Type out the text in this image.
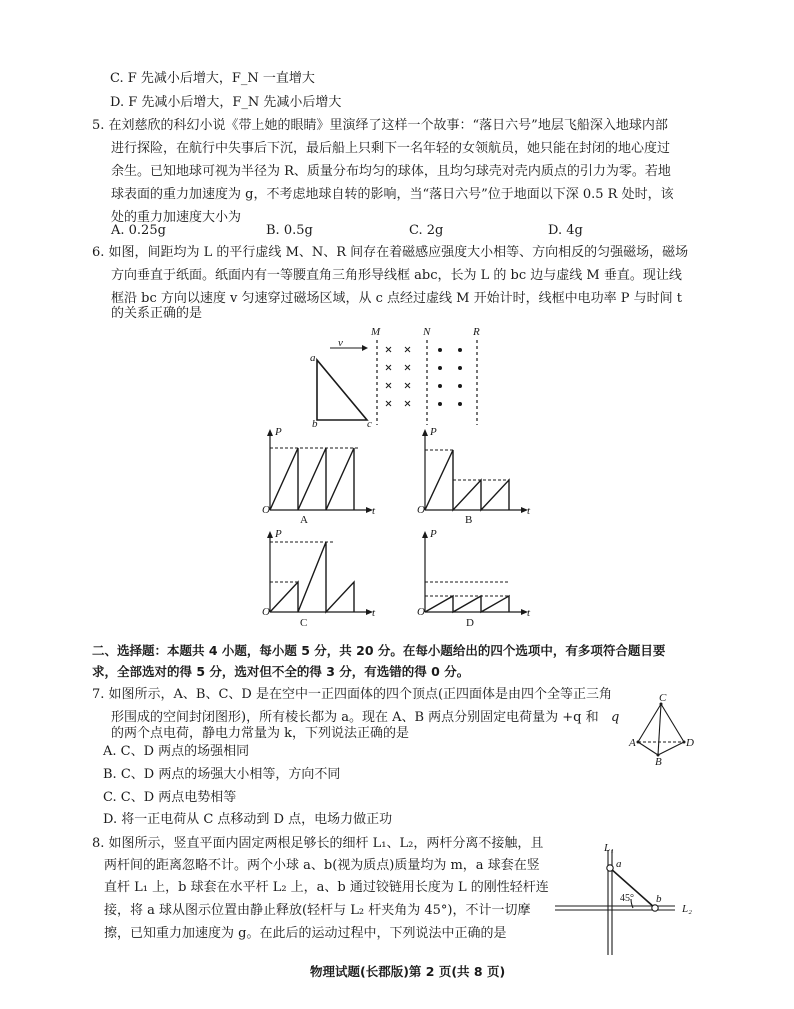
C. F 先减小后增大，F_N 一直增大
D. F 先减小后增大，F_N 先减小后增大
5. 在刘慈欣的科幻小说《带上她的眼睛》里演绎了这样一个故事：“落日六号”地层飞船深入地球内部
进行探险，在航行中失事后下沉，最后船上只剩下一名年轻的女领航员，她只能在封闭的地心度过
余生。已知地球可视为半径为 R、质量分布均匀的球体，且均匀球壳对壳内质点的引力为零。若地
球表面的重力加速度为 g，不考虑地球自转的影响，当“落日六号”位于地面以下深 0.5 R 处时，该
处的重力加速度大小为
A. 0.25g	B. 0.5g	C. 2g	D. 4g
6. 如图，间距均为 L 的平行虚线 M、N、R 间存在着磁感应强度大小相等、方向相反的匀强磁场，磁场
方向垂直于纸面。纸面内有一等腰直角三角形导线框 abc，长为 L 的 bc 边与虚线 M 垂直。现让线
框沿 bc 方向以速度 v 匀速穿过磁场区域，从 c 点经过虚线 M 开始计时，线框中电功率 P 与时间 t
的关系正确的是
M	N	R
a
b	c
v
P
O	t
A
P
O	t
B
P
O	t
C
P
O	t
D
二、选择题：本题共 4 小题，每小题 5 分，共 20 分。在每小题给出的四个选项中，有多项符合题目要
求，全部选对的得 5 分，选对但不全的得 3 分，有选错的得 0 分。
7. 如图所示，A、B、C、D 是在空中一正四面体的四个顶点(正四面体是由四个全等正三角
形围成的空间封闭图形)，所有棱长都为 a。现在 A、B 两点分别固定电荷量为 +q 和 q
的两个点电荷，静电力常量为 k，下列说法正确的是
A. C、D 两点的场强相同
B. C、D 两点的场强大小相等，方向不同
C. C、D 两点电势相等
D. 将一正电荷从 C 点移动到 D 点，电场力做正功
C
A	D
B
8. 如图所示，竖直平面内固定两根足够长的细杆 L₁、L₂，两杆分离不接触，且
两杆间的距离忽略不计。两个小球 a、b(视为质点)质量均为 m，a 球套在竖
直杆 L₁ 上，b 球套在水平杆 L₂ 上，a、b 通过铰链用长度为 L 的刚性轻杆连
接，将 a 球从图示位置由静止释放(轻杆与 L₂ 杆夹角为 45°)，不计一切摩
擦，已知重力加速度为 g。在此后的运动过程中，下列说法中正确的是
L₁
L₂
a
b
45°
物理试题(长郡版)第 2 页(共 8 页)
